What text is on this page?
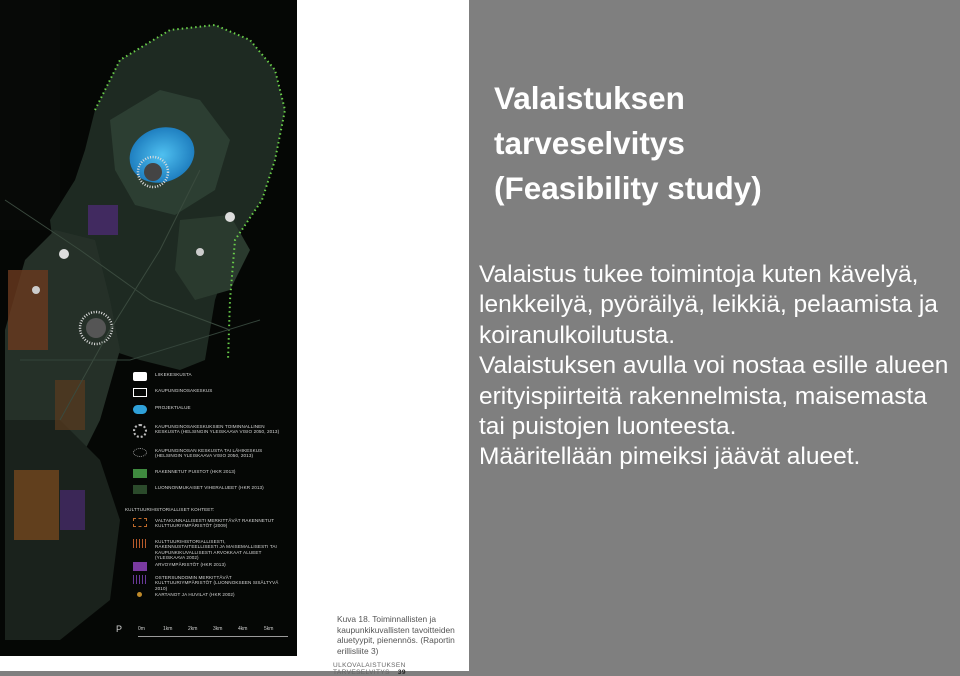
LIIKEKESKUSTA
KAUPUNGINOSAKESKUS
PROJEKTIALUE
KAUPUNGINOSAKESKUKSIEN TOIMINNALLINEN KESKUSTA (HELSINGIN YLEISKAAVA VISIO 2050, 2013)
KAUPUNGINOSAN KESKUSTA TAI LÄHIKESKUS (HELSINGIN YLEISKAAVA VISIO 2050, 2013)
RAKENNETUT PUISTOT (HKR 2013)
LUONNONMUKAISET VIHERALUEET (HKR 2013)
KULTTUURIHISTORIALLISET KOHTEET:
VALTAKUNNALLISESTI MERKITTÄVÄT RAKENNETUT KULTTUURIYMPÄRISTÖT (2009)
KULTTUURIHISTORIALLISESTI, RAKENNUSTAITEELLISESTI JA MAISEMALLISESTI TAI KAUPUNKIKUVALLISESTI ARVOKKAAT ALUEET (YLEISKAAVA 2002)
ARVOYMPÄRISTÖT (HKR 2013)
OSTERSUNDOMIN MERKITTÄVÄT KULTTUURIYMPÄRISTÖT (LUONNOKSEEN SISÄLTYVÄ 2010)
KARTANOT JA HUVILAT (HKR 2002)
P	0m	1km	2km	3km	4km	5km
Kuva 18. Toiminnallisten ja kaupunkikuvallisten tavoitteiden aluetyypit, pienennös. (Raportin erillisliite 3)
ULKOVALAISTUKSEN TARVESELVITYS 39
Valaistuksen
tarveselvitys
(Feasibility study)

Valaistus tukee toimintoja kuten kävelyä, lenkkeilyä, pyöräilyä, leikkiä, pelaamista ja koiranulkoilutusta.

Valaistuksen avulla voi nostaa esille alueen erityispiirteitä rakennelmista, maisemasta tai puistojen luonteesta.

Määritellään pimeiksi jäävät alueet.
